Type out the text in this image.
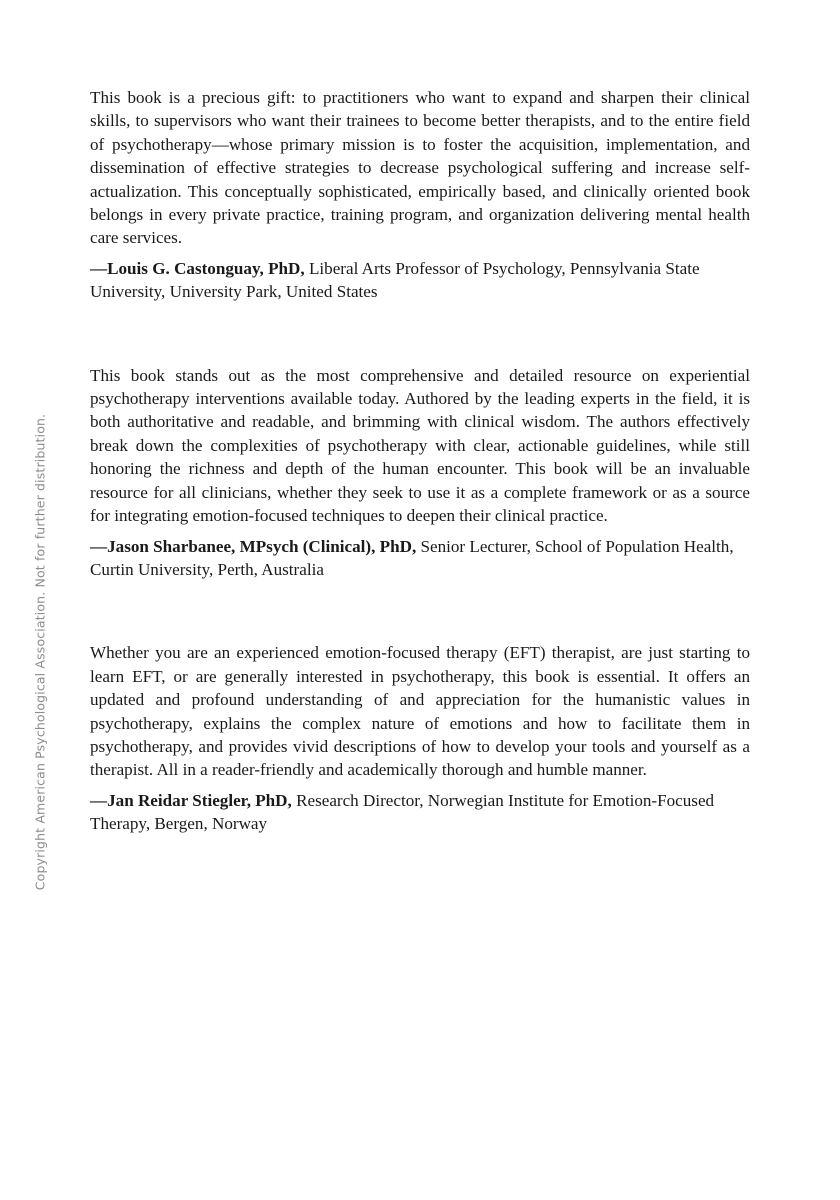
Copyright American Psychological Association. Not for further distribution.

This book is a precious gift: to practitioners who want to expand and sharpen their clinical skills, to supervisors who want their trainees to become better therapists, and to the entire field of psychotherapy—whose primary mission is to foster the acquisition, implementation, and dissemination of effective strategies to decrease psychological suffering and increase self-actualization. This conceptually sophisticated, empirically based, and clinically oriented book belongs in every private practice, training program, and organization delivering mental health care services.

—Louis G. Castonguay, PhD, Liberal Arts Professor of Psychology, Pennsylvania State University, University Park, United States

This book stands out as the most comprehensive and detailed resource on experiential psychotherapy interventions available today. Authored by the leading experts in the field, it is both authoritative and readable, and brimming with clinical wisdom. The authors effectively break down the complexities of psychotherapy with clear, actionable guidelines, while still honoring the richness and depth of the human encounter. This book will be an invaluable resource for all clinicians, whether they seek to use it as a complete framework or as a source for integrating emotion-focused techniques to deepen their clinical practice.

—Jason Sharbanee, MPsych (Clinical), PhD, Senior Lecturer, School of Population Health, Curtin University, Perth, Australia

Whether you are an experienced emotion-focused therapy (EFT) therapist, are just starting to learn EFT, or are generally interested in psychotherapy, this book is essential. It offers an updated and profound understanding of and appreciation for the humanistic values in psychotherapy, explains the complex nature of emotions and how to facilitate them in psychotherapy, and provides vivid descriptions of how to develop your tools and yourself as a therapist. All in a reader-friendly and academically thorough and humble manner.

—Jan Reidar Stiegler, PhD, Research Director, Norwegian Institute for Emotion-Focused Therapy, Bergen, Norway
